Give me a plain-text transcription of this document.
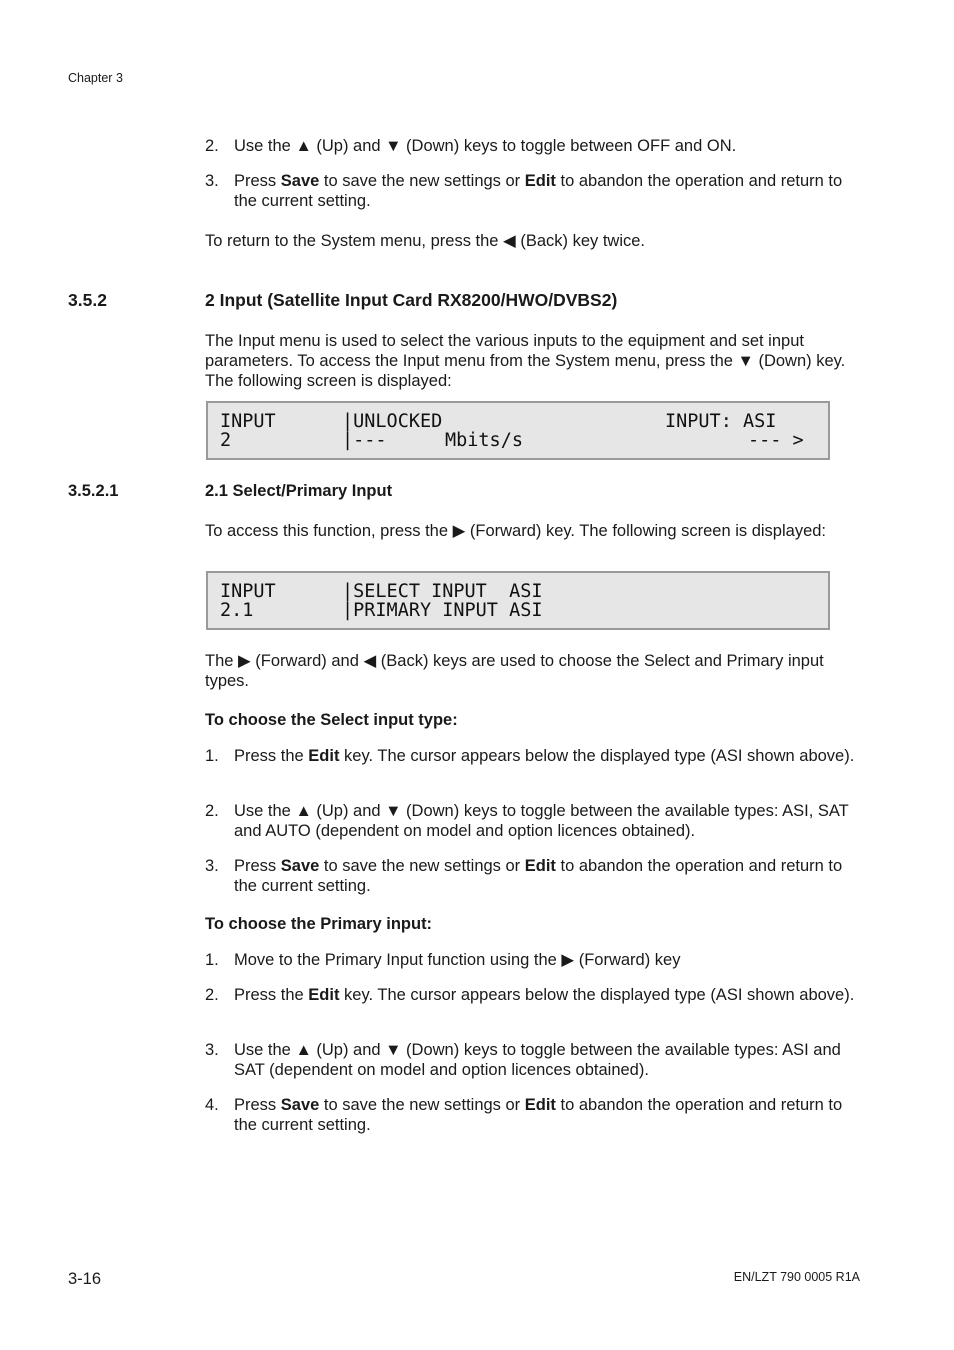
Chapter 3
2. Use the ▲ (Up) and ▼ (Down) keys to toggle between OFF and ON.
3. Press Save to save the new settings or Edit to abandon the operation and return to the current setting.
To return to the System menu, press the ◀ (Back) key twice.
3.5.2	2 Input (Satellite Input Card RX8200/HWO/DVBS2)
The Input menu is used to select the various inputs to the equipment and set input parameters. To access the Input menu from the System menu, press the ▼ (Down) key. The following screen is displayed:
INPUT	|UNLOCKED	INPUT: ASI
2	|---	Mbits/s	--- >
3.5.2.1	2.1 Select/Primary Input
To access this function, press the ▶ (Forward) key. The following screen is displayed:
INPUT	|SELECT INPUT  ASI
2.1	|PRIMARY INPUT ASI
The ▶ (Forward) and ◀ (Back) keys are used to choose the Select and Primary input types.
To choose the Select input type:
1. Press the Edit key. The cursor appears below the displayed type (ASI shown above).
2. Use the ▲ (Up) and ▼ (Down) keys to toggle between the available types: ASI, SAT and AUTO (dependent on model and option licences obtained).
3. Press Save to save the new settings or Edit to abandon the operation and return to the current setting.
To choose the Primary input:
1. Move to the Primary Input function using the ▶ (Forward) key
2. Press the Edit key. The cursor appears below the displayed type (ASI shown above).
3. Use the ▲ (Up) and ▼ (Down) keys to toggle between the available types: ASI and SAT (dependent on model and option licences obtained).
4. Press Save to save the new settings or Edit to abandon the operation and return to the current setting.
3-16	EN/LZT 790 0005 R1A
